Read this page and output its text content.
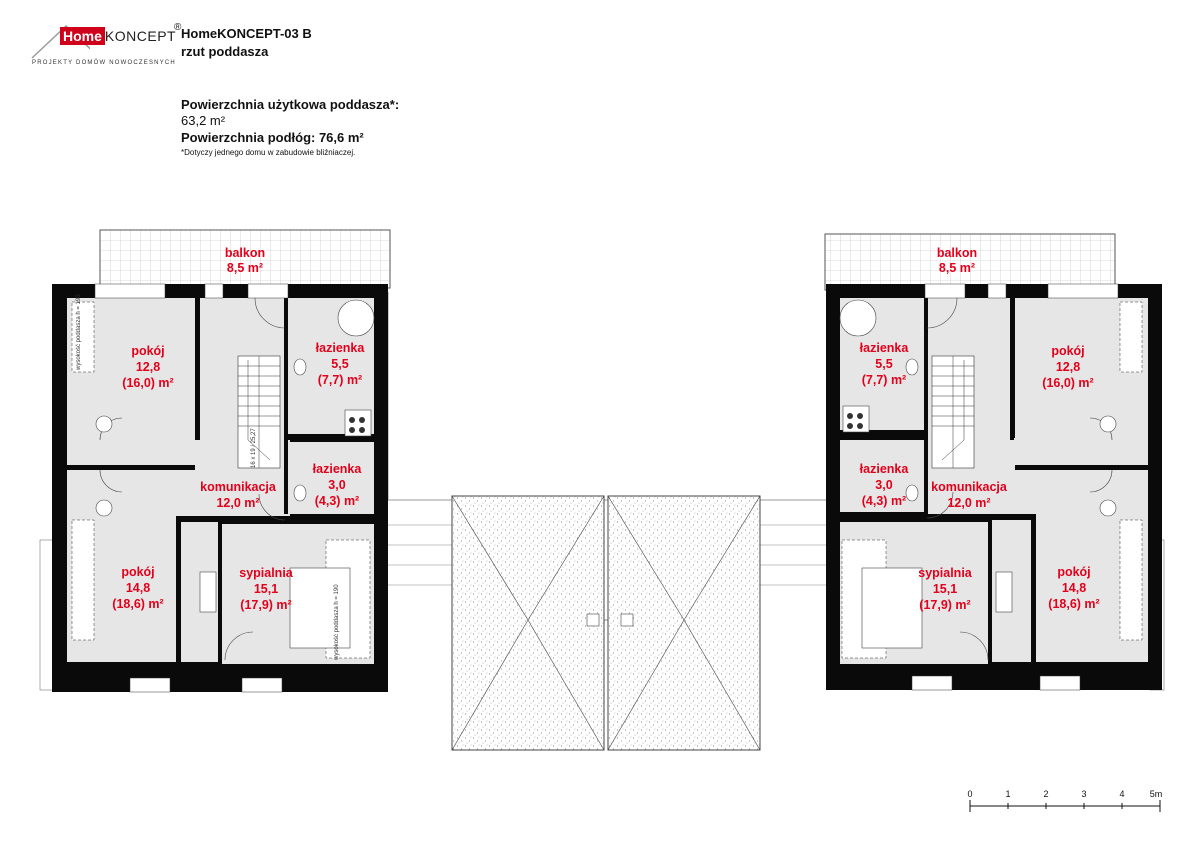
Home KONCEPT
®
PROJEKTY DOMÓW NOWOCZESNYCH
HomeKONCEPT-03 B
rzut poddasza
Powierzchnia użytkowa poddasza*:
63,2 m²
Powierzchnia podłóg: 76,6 m²
*Dotyczy jednego domu w zabudowie bliźniaczej.
16 x 19 / 25,27
wysokość poddasza h = 190
wysokość poddasza h = 190
balkon
8,5 m²
pokój
12,8
(16,0) m²
łazienka
5,5
(7,7) m²
łazienka
3,0
(4,3) m²
komunikacja
12,0 m²
pokój
14,8
(18,6) m²
sypialnia
15,1
(17,9) m²
balkon
8,5 m²
łazienka
5,5
(7,7) m²
pokój
12,8
(16,0) m²
łazienka
3,0
(4,3) m²
komunikacja
12,0 m²
sypialnia
15,1
(17,9) m²
pokój
14,8
(18,6) m²
0	1	2	3	4	5m
